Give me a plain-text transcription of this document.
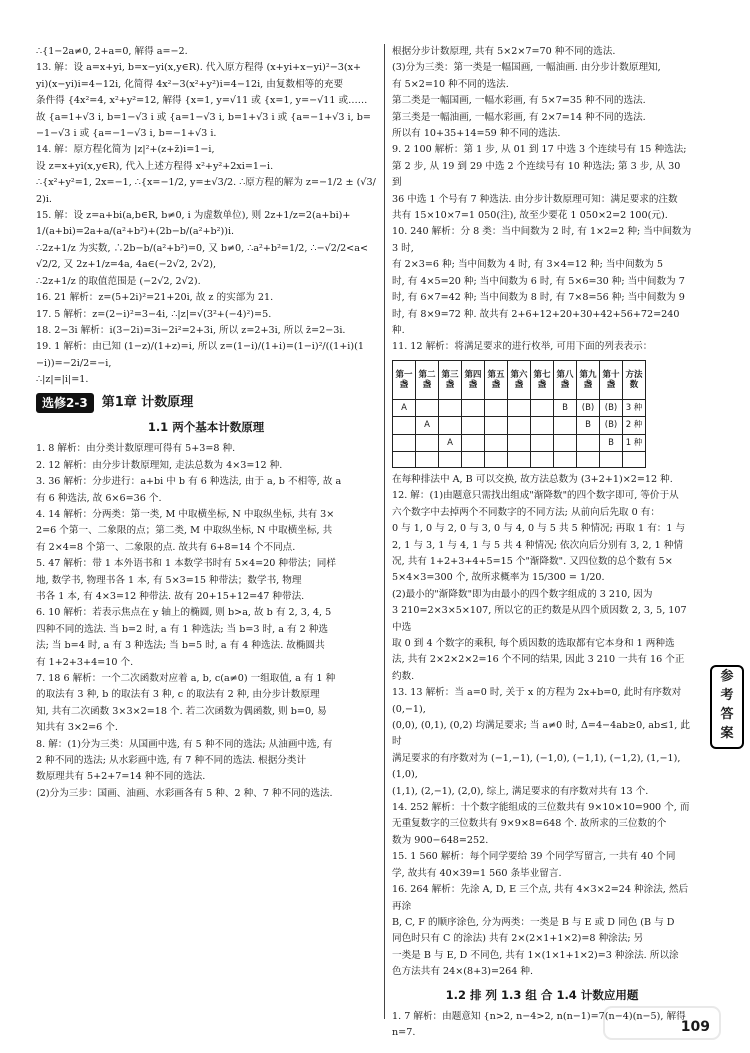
∴{1−2a≠0, 2+a=0, 解得 a=−2.

13. 解：设 a=x+yi, b=x−yi(x,y∈R). 代入原方程得 (x+yi+x−yi)²−3(x+

yi)(x−yi)i=4−12i, 化简得 4x²−3(x²+y²)i=4−12i, 由复数相等的充要

条件得 {4x²=4, x²+y²=12, 解得 {x=1, y=√11 或 {x=1, y=−√11 或……

故 {a=1+√3 i, b=1−√3 i 或 {a=1−√3 i, b=1+√3 i 或 {a=−1+√3 i, b=−1−√3 i 或 {a=−1−√3 i, b=−1+√3 i.

14. 解：原方程化简为 |z|²+(z+z̄)i=1−i,

设 z=x+yi(x,y∈R), 代入上述方程得 x²+y²+2xi=1−i.

∴{x²+y²=1, 2x=−1, ∴{x=−1/2, y=±√3/2. ∴原方程的解为 z=−1/2 ± (√3/2)i.

15. 解：设 z=a+bi(a,b∈R, b≠0, i 为虚数单位), 则 2z+1/z=2(a+bi)+

1/(a+bi)=2a+a/(a²+b²)+(2b−b/(a²+b²))i.

∴2z+1/z 为实数, ∴2b−b/(a²+b²)=0, 又 b≠0, ∴a²+b²=1/2, ∴−√2/2<a<

√2/2, 又 2z+1/z=4a, 4a∈(−2√2, 2√2),

∴2z+1/z 的取值范围是 (−2√2, 2√2).

16. 21 解析：z=(5+2i)²=21+20i, 故 z 的实部为 21.

17. 5 解析：z=(2−i)²=3−4i, ∴|z|=√(3²+(−4)²)=5.

18. 2−3i 解析：i(3−2i)=3i−2i²=2+3i, 所以 z=2+3i, 所以 z̄=2−3i.

19. 1 解析：由已知 (1−z)/(1+z)=i, 所以 z=(1−i)/(1+i)=(1−i)²/((1+i)(1−i))=−2i/2=−i,

∴|z|=|i|=1.

选修2-3	第1章 计数原理
1.1 两个基本计数原理

1. 8 解析：由分类计数原理可得有 5+3=8 种.

2. 12 解析：由分步计数原理知, 走法总数为 4×3=12 种.

3. 36 解析：分步进行：a+bi 中 b 有 6 种选法, 由于 a, b 不相等, 故 a

有 6 种选法, 故 6×6=36 个.

4. 14 解析：分两类：第一类, M 中取横坐标, N 中取纵坐标, 共有 3×

2=6 个第一、二象限的点；第二类, M 中取纵坐标, N 中取横坐标, 共

有 2×4=8 个第一、二象限的点. 故共有 6+8=14 个不同点.

5. 47 解析：带 1 本外语书和 1 本数学书时有 5×4=20 种带法；同样

地, 数学书, 物理书各 1 本, 有 5×3=15 种带法；数学书, 物理

书各 1 本, 有 4×3=12 种带法. 故有 20+15+12=47 种带法.

6. 10 解析：若表示焦点在 y 轴上的椭圆, 则 b>a, 故 b 有 2, 3, 4, 5

四种不同的选法. 当 b=2 时, a 有 1 种选法; 当 b=3 时, a 有 2 种选

法; 当 b=4 时, a 有 3 种选法; 当 b=5 时, a 有 4 种选法. 故椭圆共

有 1+2+3+4=10 个.

7. 18 6 解析：一个二次函数对应着 a, b, c(a≠0) 一组取值, a 有 1 种

的取法有 3 种, b 的取法有 3 种, c 的取法有 2 种, 由分步计数原理

知, 共有二次函数 3×3×2=18 个. 若二次函数为偶函数, 则 b=0, 易

知共有 3×2=6 个.

8. 解：(1)分为三类：从国画中选, 有 5 种不同的选法; 从油画中选, 有

2 种不同的选法; 从水彩画中选, 有 7 种不同的选法. 根据分类计

数原理共有 5+2+7=14 种不同的选法.

(2)分为三步：国画、油画、水彩画各有 5 种、2 种、7 种不同的选法.

根据分步计数原理, 共有 5×2×7=70 种不同的选法.

(3)分为三类：第一类是一幅国画, 一幅油画. 由分步计数原理知,

有 5×2=10 种不同的选法.

第二类是一幅国画, 一幅水彩画, 有 5×7=35 种不同的选法.

第三类是一幅油画, 一幅水彩画, 有 2×7=14 种不同的选法.

所以有 10+35+14=59 种不同的选法.

9. 2 100 解析：第 1 步, 从 01 到 17 中选 3 个连续号有 15 种选法;

第 2 步, 从 19 到 29 中选 2 个连续号有 10 种选法; 第 3 步, 从 30 到

36 中选 1 个号有 7 种选法. 由分步计数原理可知：满足要求的注数

共有 15×10×7=1 050(注), 故至少要花 1 050×2=2 100(元).

10. 240 解析：分 8 类：当中间数为 2 时, 有 1×2=2 种; 当中间数为 3 时,

有 2×3=6 种; 当中间数为 4 时, 有 3×4=12 种; 当中间数为 5

时, 有 4×5=20 种; 当中间数为 6 时, 有 5×6=30 种; 当中间数为 7

时, 有 6×7=42 种; 当中间数为 8 时, 有 7×8=56 种; 当中间数为 9

时, 有 8×9=72 种. 故共有 2+6+12+20+30+42+56+72=240 种.

11. 12 解析：将满足要求的进行枚举, 可用下面的列表表示：

第一盏	第二盏	第三盏	第四盏	第五盏	第六盏	第七盏	第八盏	第九盏	第十盏	方法数
A							B	(B)	(B)	3 种
	A							B	(B)	2 种
		A							B	1 种

在每种排法中 A, B 可以交换, 故方法总数为 (3+2+1)×2=12 种.

12. 解：(1)由题意只需找出组成"渐降数"的四个数字即可, 等价于从

六个数字中去掉两个不同数字的不同方法; 从前向后先取 0 有：

0 与 1, 0 与 2, 0 与 3, 0 与 4, 0 与 5 共 5 种情况; 再取 1 有：1 与

2, 1 与 3, 1 与 4, 1 与 5 共 4 种情况; 依次向后分别有 3, 2, 1 种情

况, 共有 1+2+3+4+5=15 个"渐降数". 又四位数的总个数有 5×

5×4×3=300 个, 故所求概率为 15/300 = 1/20.

(2)最小的"渐降数"即为由最小的四个数字组成的 3 210, 因为

3 210=2×3×5×107, 所以它的正约数是从四个质因数 2, 3, 5, 107 中选

取 0 到 4 个数字的乘积, 每个质因数的选取都有它本身和 1 两种选

法, 共有 2×2×2×2=16 个不同的结果, 因此 3 210 一共有 16 个正

约数.

13. 13 解析：当 a=0 时, 关于 x 的方程为 2x+b=0, 此时有序数对 (0,−1),

(0,0), (0,1), (0,2) 均满足要求; 当 a≠0 时, Δ=4−4ab≥0, ab≤1, 此时

满足要求的有序数对为 (−1,−1), (−1,0), (−1,1), (−1,2), (1,−1), (1,0),

(1,1), (2,−1), (2,0), 综上, 满足要求的有序数对共有 13 个.

14. 252 解析：十个数字能组成的三位数共有 9×10×10=900 个, 而

无重复数字的三位数共有 9×9×8=648 个. 故所求的三位数的个

数为 900−648=252.

15. 1 560 解析：每个同学要给 39 个同学写留言, 一共有 40 个同

学, 故共有 40×39=1 560 条毕业留言.

16. 264 解析：先涂 A, D, E 三个点, 共有 4×3×2=24 种涂法, 然后再涂

B, C, F 的顺序涂色, 分为两类：一类是 B 与 E 或 D 同色 (B 与 D

同色时只有 C 的涂法) 共有 2×(2×1+1×2)=8 种涂法; 另

一类是 B 与 E, D 不同色, 共有 1×(1×1+1×2)=3 种涂法. 所以涂

色方法共有 24×(8+3)=264 种.

1.2 排 列 1.3 组 合 1.4 计数应用题

1. 7 解析：由题意知 {n>2, n−4>2, n(n−1)=7(n−4)(n−5), 解得 n=7.

参
考
答
案
109
